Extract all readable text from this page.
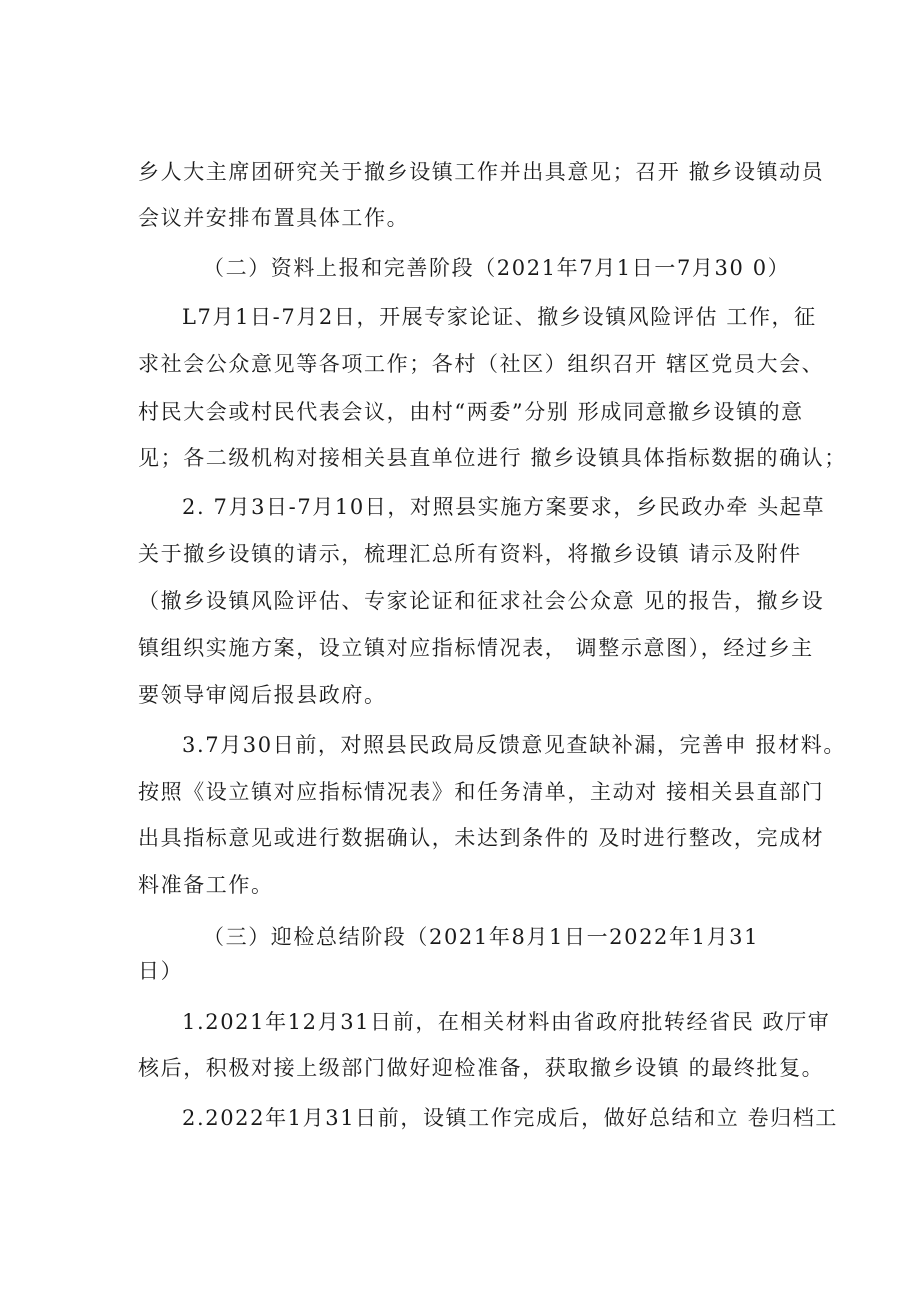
乡人大主席团研究关于撤乡设镇工作并出具意见；召开 撤乡设镇动员
会议并安排布置具体工作。
（二）资料上报和完善阶段（2021年7月1日一7月30 0）
L7月1日-7月2日，开展专家论证、撤乡设镇风险评估 工作，征
求社会公众意见等各项工作；各村（社区）组织召开 辖区党员大会、
村民大会或村民代表会议，由村“两委”分别 形成同意撤乡设镇的意
见；各二级机构对接相关县直单位进行 撤乡设镇具体指标数据的确认；
2. 7月3日-7月10日，对照县实施方案要求，乡民政办牵 头起草
关于撤乡设镇的请示，梳理汇总所有资料，将撤乡设镇 请示及附件
（撤乡设镇风险评估、专家论证和征求社会公众意 见的报告，撤乡设
镇组织实施方案，设立镇对应指标情况表， 调整示意图），经过乡主
要领导审阅后报县政府。
3.7月30日前，对照县民政局反馈意见查缺补漏，完善申 报材料。
按照《设立镇对应指标情况表》和任务清单，主动对 接相关县直部门
出具指标意见或进行数据确认，未达到条件的 及时进行整改，完成材
料准备工作。
（三）迎检总结阶段（2021年8月1日一2022年1月31
日）
1.2021年12月31日前，在相关材料由省政府批转经省民 政厅审
核后，积极对接上级部门做好迎检准备，获取撤乡设镇 的最终批复。
2.2022年1月31日前，设镇工作完成后，做好总结和立 卷归档工
